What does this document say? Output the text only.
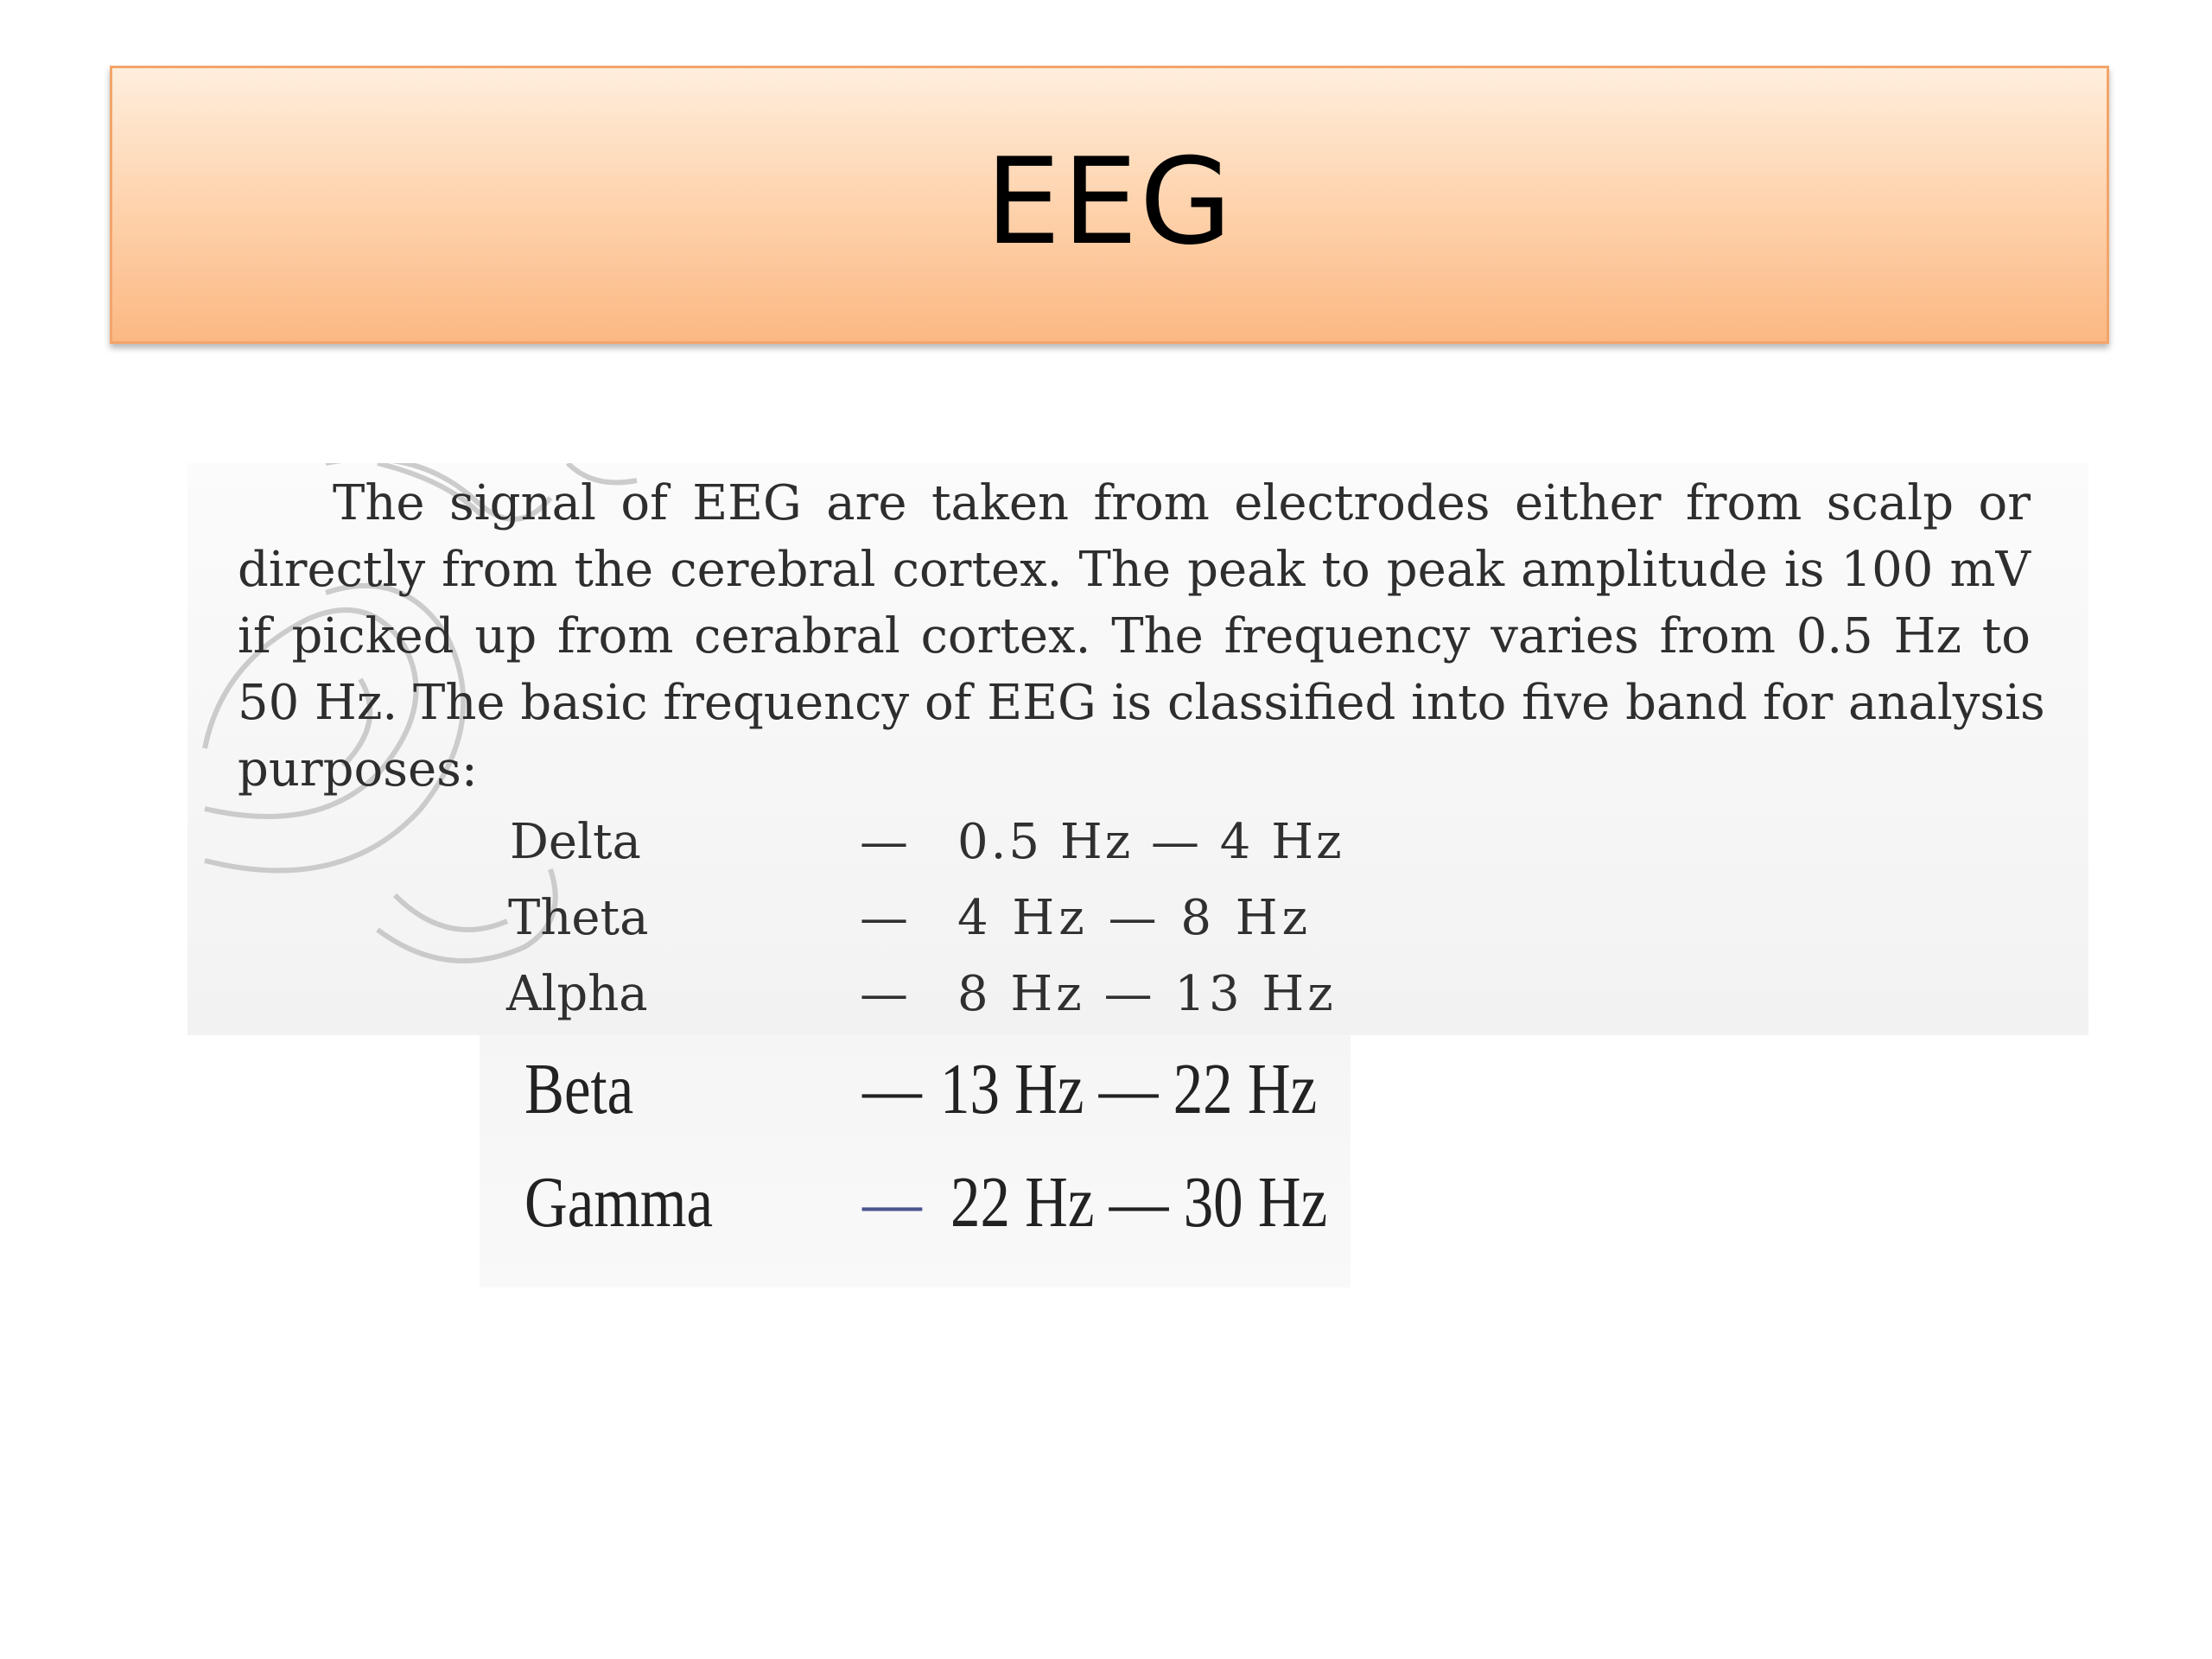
EEG
The signal of EEG are taken from electrodes either from scalp or
directly from the cerebral cortex. The peak to peak amplitude is 100 mV
if picked up from cerabral cortex. The frequency varies from 0.5 Hz to
50 Hz. The basic frequency of EEG is classified into five band for analysis
purposes:
Delta	— 0.5 Hz — 4 Hz
Theta	— 4 Hz — 8 Hz
Alpha	— 8 Hz — 13 Hz
Beta	— 13 Hz — 22 Hz
Gamma — 22 Hz — 30 Hz
